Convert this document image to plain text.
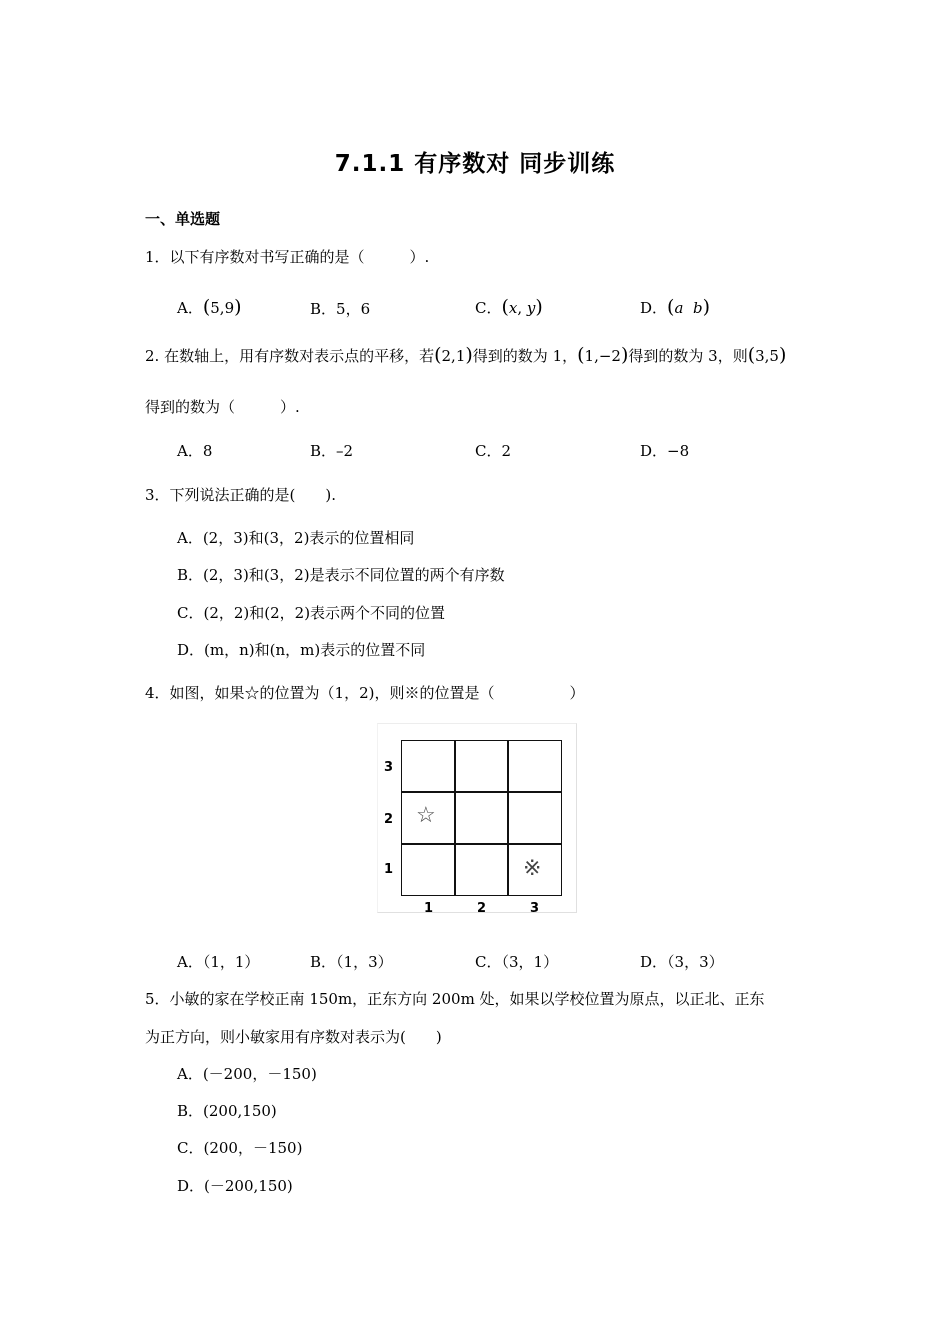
7.1.1 有序数对 同步训练
一、单选题
1．以下有序数对书写正确的是（　　　）.
A．(5,9)	B．5，6	C．(x, y)	D．(a b)
2. 在数轴上，用有序数对表示点的平移，若(2,1)得到的数为 1，(1,−2)得到的数为 3，则(3,5)
得到的数为（　　　）.
A．8	B．–2	C．2	D．−8
3．下列说法正确的是(　　).
A．(2，3)和(3，2)表示的位置相同
B．(2，3)和(3，2)是表示不同位置的两个有序数
C．(2，2)和(2，2)表示两个不同的位置
D．(m，n)和(n，m)表示的位置不同
4．如图，如果☆的位置为（1，2)，则※的位置是（　　　　　）
☆
※
3
2
1
1	2	3
A．（1，1）	B．（1，3）	C．（3，1）	D．（3，3）
5．小敏的家在学校正南 150m，正东方向 200m 处，如果以学校位置为原点，以正北、正东
为正方向，则小敏家用有序数对表示为(　　)
A．(－200，－150)
B．(200,150)
C．(200，－150)
D．(－200,150)
